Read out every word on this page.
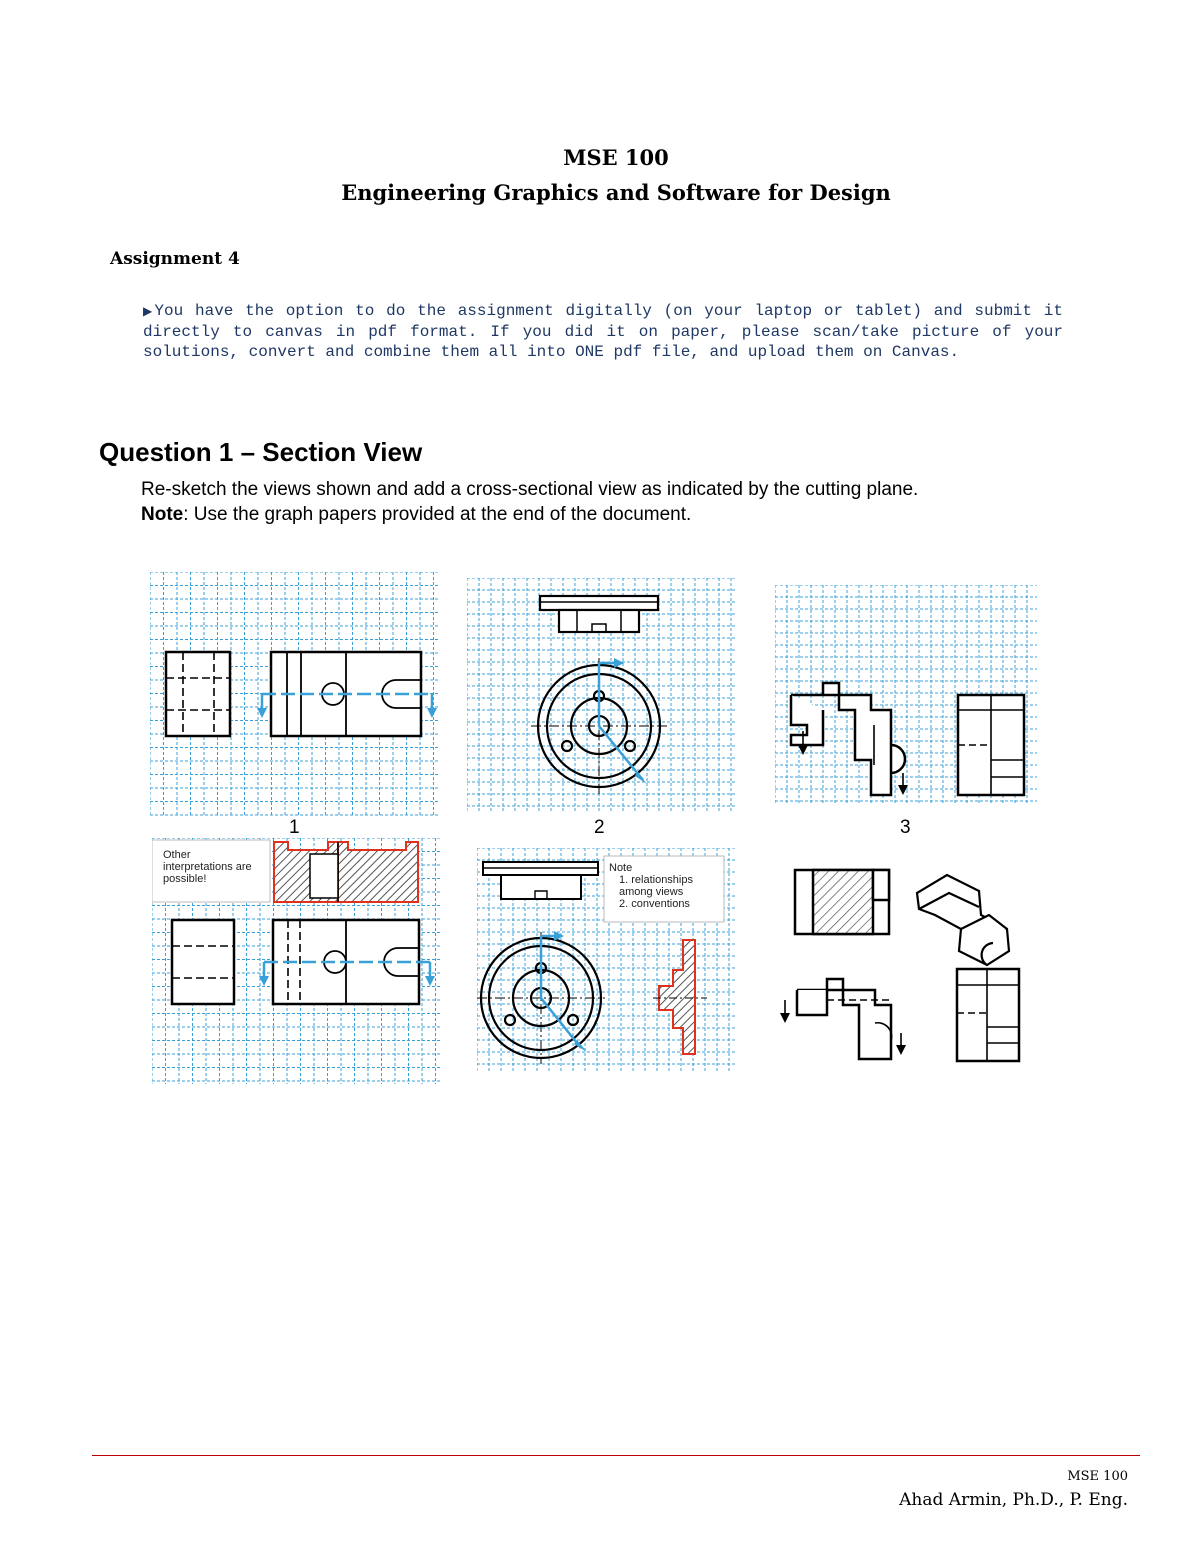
MSE 100
Engineering Graphics and Software for Design
Assignment 4
▶You have the option to do the assignment digitally (on your laptop or tablet) and submit it directly to canvas in pdf format. If you did it on paper, please scan/take picture of your solutions, convert and combine them all into ONE pdf file, and upload them on Canvas.
Question 1 – Section View
Re-sketch the views shown and add a cross-sectional view as indicated by the cutting plane.
Note: Use the graph papers provided at the end of the document.
1	2	3
Other interpretations are possible!
Note
1. relationships among views
2. conventions
MSE 100
Ahad Armin, Ph.D., P. Eng.
